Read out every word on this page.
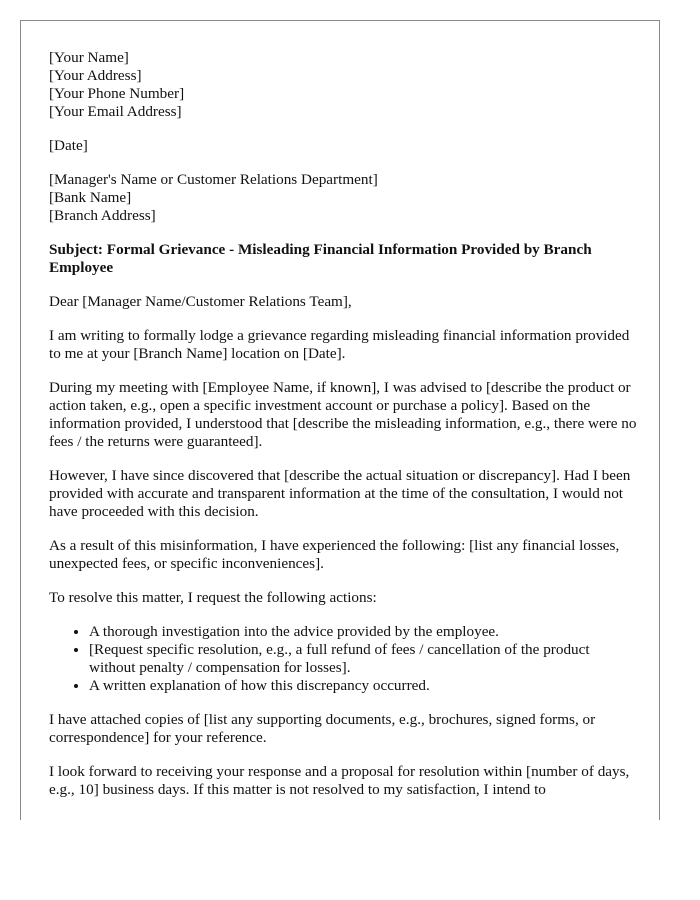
[Your Name]
[Your Address]
[Your Phone Number]
[Your Email Address]
[Date]
[Manager's Name or Customer Relations Department]
[Bank Name]
[Branch Address]

Subject: Formal Grievance - Misleading Financial Information Provided by Branch Employee

Dear [Manager Name/Customer Relations Team],

I am writing to formally lodge a grievance regarding misleading financial information provided to me at your [Branch Name] location on [Date].

During my meeting with [Employee Name, if known], I was advised to [describe the product or action taken, e.g., open a specific investment account or purchase a policy]. Based on the information provided, I understood that [describe the misleading information, e.g., there were no fees / the returns were guaranteed].

However, I have since discovered that [describe the actual situation or discrepancy]. Had I been provided with accurate and transparent information at the time of the consultation, I would not have proceeded with this decision.

As a result of this misinformation, I have experienced the following: [list any financial losses, unexpected fees, or specific inconveniences].

To resolve this matter, I request the following actions:

• A thorough investigation into the advice provided by the employee.
• [Request specific resolution, e.g., a full refund of fees / cancellation of the product without penalty / compensation for losses].
• A written explanation of how this discrepancy occurred.

I have attached copies of [list any supporting documents, e.g., brochures, signed forms, or correspondence] for your reference.

I look forward to receiving your response and a proposal for resolution within [number of days, e.g., 10] business days. If this matter is not resolved to my satisfaction, I intend to
